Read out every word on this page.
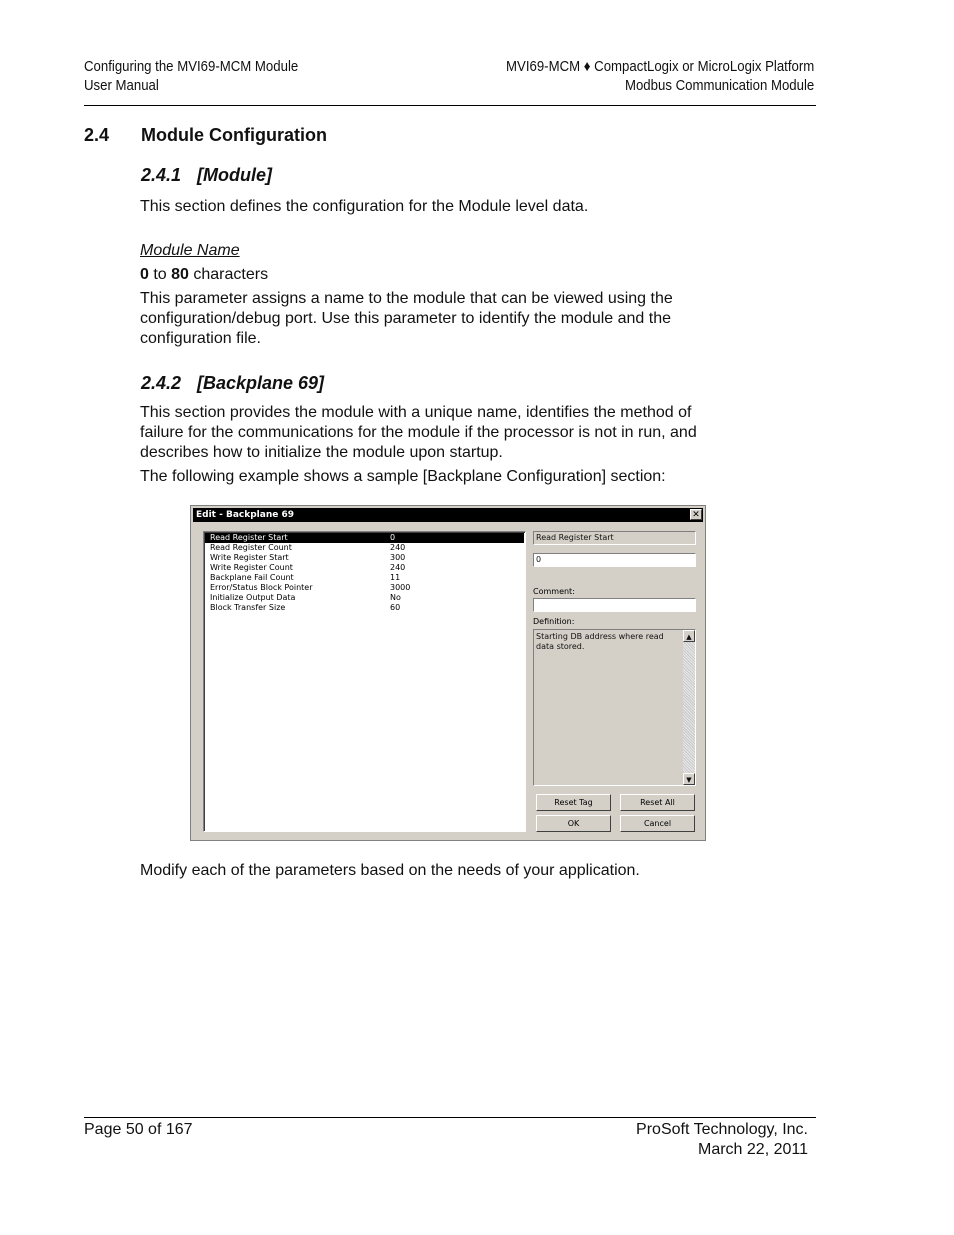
Configuring the MVI69-MCM Module
User Manual
MVI69-MCM ♦ CompactLogix or MicroLogix Platform
Modbus Communication Module
2.4 Module Configuration
2.4.1 [Module]
This section defines the configuration for the Module level data.
Module Name
0 to 80 characters
This parameter assigns a name to the module that can be viewed using the
configuration/debug port. Use this parameter to identify the module and the
configuration file.
2.4.2 [Backplane 69]
This section provides the module with a unique name, identifies the method of
failure for the communications for the module if the processor is not in run, and
describes how to initialize the module upon startup.
The following example shows a sample [Backplane Configuration] section:
Edit - Backplane 69	✕
Read Register Start	0
Read Register Count	240
Write Register Start	300
Write Register Count	240
Backplane Fail Count	11
Error/Status Block Pointer	3000
Initialize Output Data	No
Block Transfer Size	60
Read Register Start
0
Comment:
Definition:
Starting DB address where read data stored.
▲
▼
Reset Tag	Reset All
OK	Cancel
Modify each of the parameters based on the needs of your application.
Page 50 of 167	ProSoft Technology, Inc.
March 22, 2011
